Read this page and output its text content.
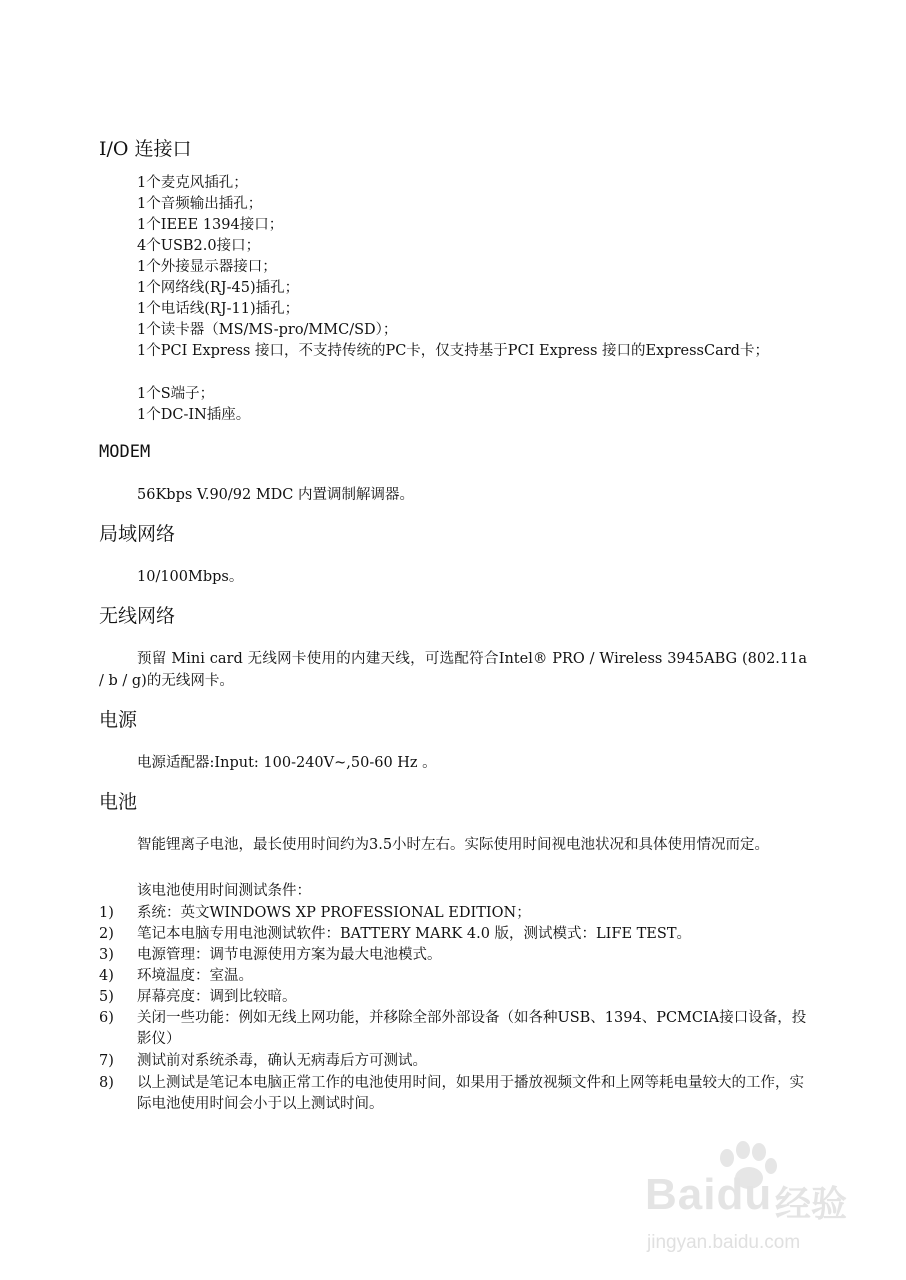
I/O 连接口
1个麦克风插孔；
1个音频输出插孔；
1个IEEE 1394接口；
4个USB2.0接口；
1个外接显示器接口；
1个网络线(RJ-45)插孔；
1个电话线(RJ-11)插孔；
1个读卡器（MS/MS-pro/MMC/SD）；
1个PCI Express 接口，不支持传统的PC卡，仅支持基于PCI Express 接口的ExpressCard卡；
1个S端子；
1个DC-IN插座。
MODEM
56Kbps V.90/92 MDC 内置调制解调器。
局域网络
10/100Mbps。
无线网络
预留 Mini card 无线网卡使用的内建天线，可选配符合Intel® PRO / Wireless 3945ABG (802.11a / b / g)的无线网卡。
电源
电源适配器:Input: 100-240V~,50-60 Hz 。
电池
智能锂离子电池，最长使用时间约为3.5小时左右。实际使用时间视电池状况和具体使用情况而定。
该电池使用时间测试条件：
1) 系统：英文WINDOWS XP PROFESSIONAL EDITION；
2) 笔记本电脑专用电池测试软件：BATTERY MARK 4.0 版，测试模式：LIFE TEST。
3) 电源管理：调节电源使用方案为最大电池模式。
4) 环境温度：室温。
5) 屏幕亮度：调到比较暗。
6) 关闭一些功能：例如无线上网功能，并移除全部外部设备（如各种USB、1394、PCMCIA接口设备，投影仪）
7) 测试前对系统杀毒，确认无病毒后方可测试。
8) 以上测试是笔记本电脑正常工作的电池使用时间，如果用于播放视频文件和上网等耗电量较大的工作，实际电池使用时间会小于以上测试时间。
Baidu 经验
jingyan.baidu.com
